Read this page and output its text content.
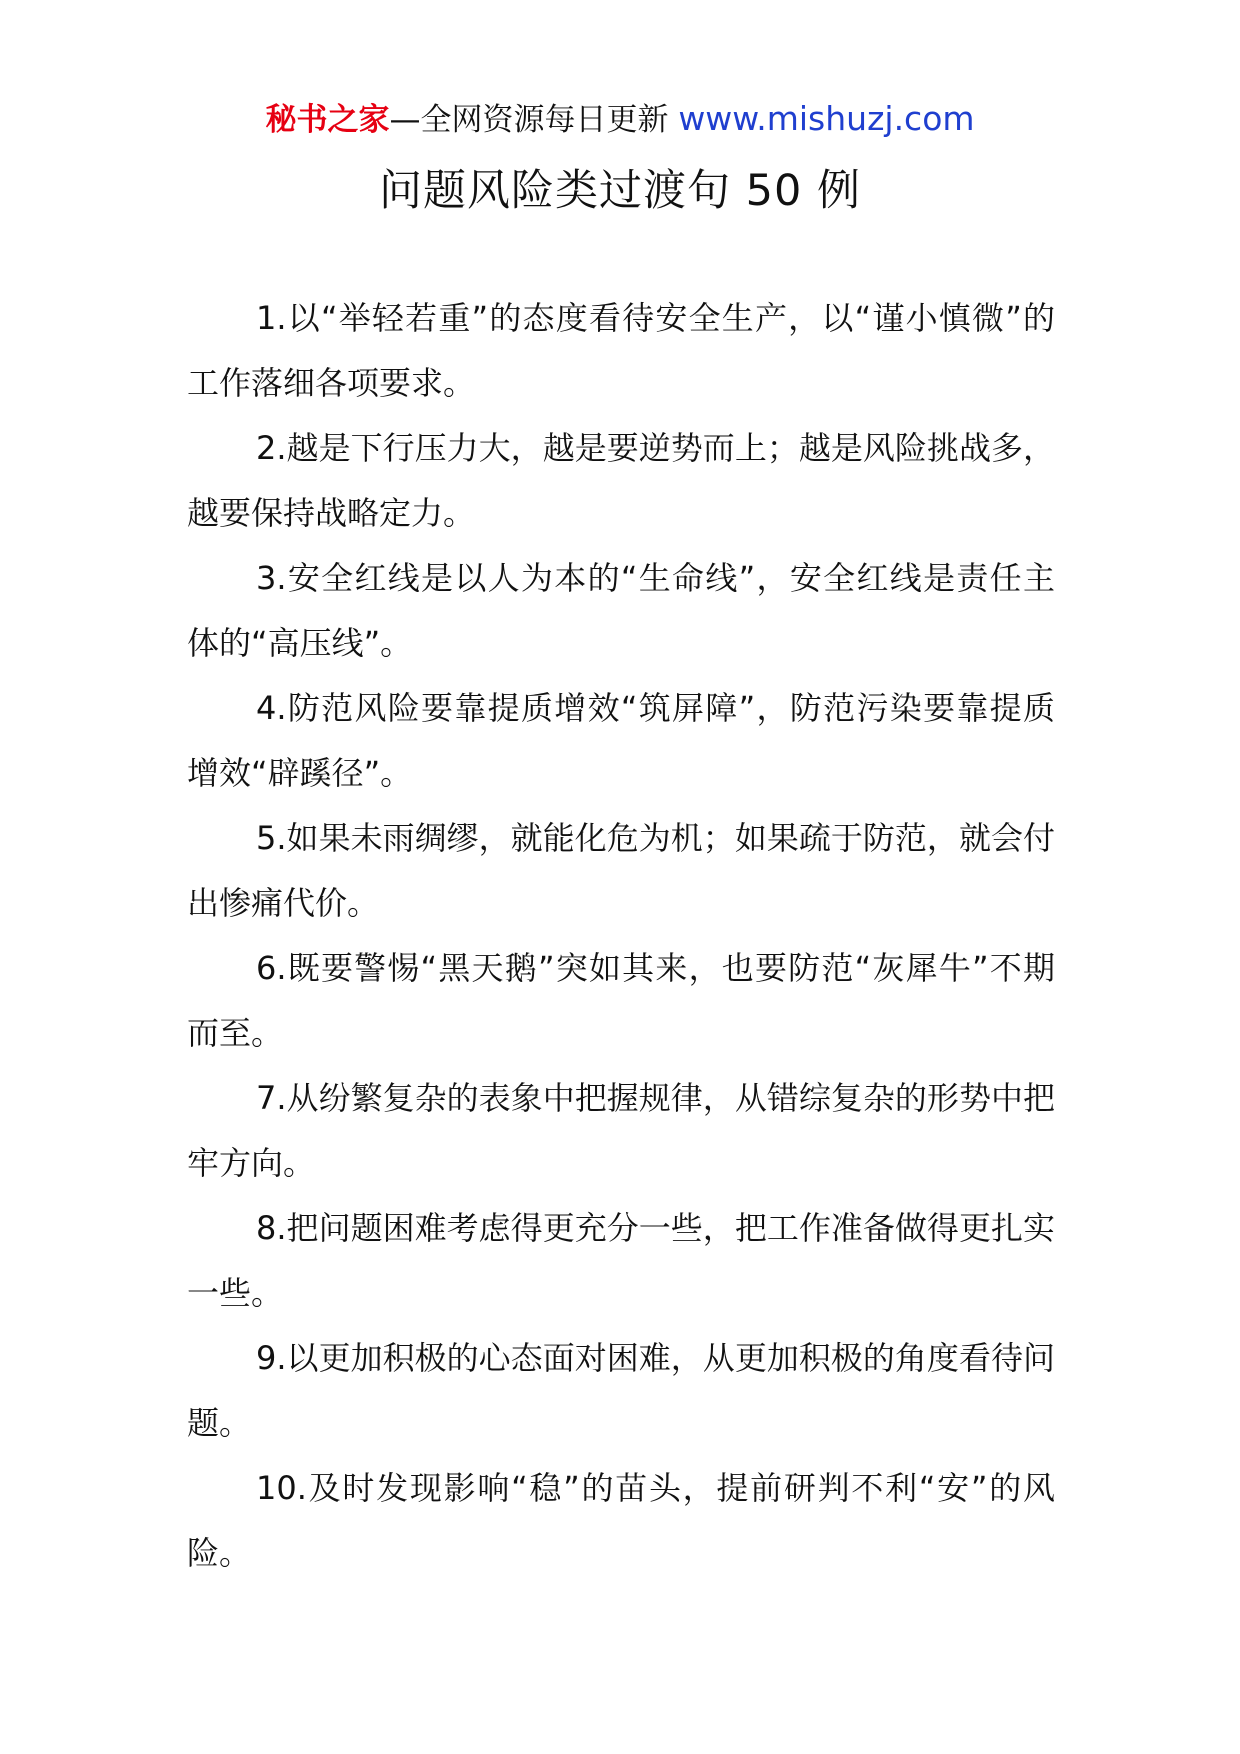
秘书之家—全网资源每日更新 www.mishuzj.com
问题风险类过渡句 50 例

1.以“举轻若重”的态度看待安全生产，以“谨小慎微”的工作落细各项要求。

2.越是下行压力大，越是要逆势而上；越是风险挑战多，越要保持战略定力。

3.安全红线是以人为本的“生命线”，安全红线是责任主体的“高压线”。

4.防范风险要靠提质增效“筑屏障”，防范污染要靠提质增效“辟蹊径”。

5.如果未雨绸缪，就能化危为机；如果疏于防范，就会付出惨痛代价。

6.既要警惕“黑天鹅”突如其来，也要防范“灰犀牛”不期而至。

7.从纷繁复杂的表象中把握规律，从错综复杂的形势中把牢方向。

8.把问题困难考虑得更充分一些，把工作准备做得更扎实一些。

9.以更加积极的心态面对困难，从更加积极的角度看待问题。

10.及时发现影响“稳”的苗头，提前研判不利“安”的风险。
